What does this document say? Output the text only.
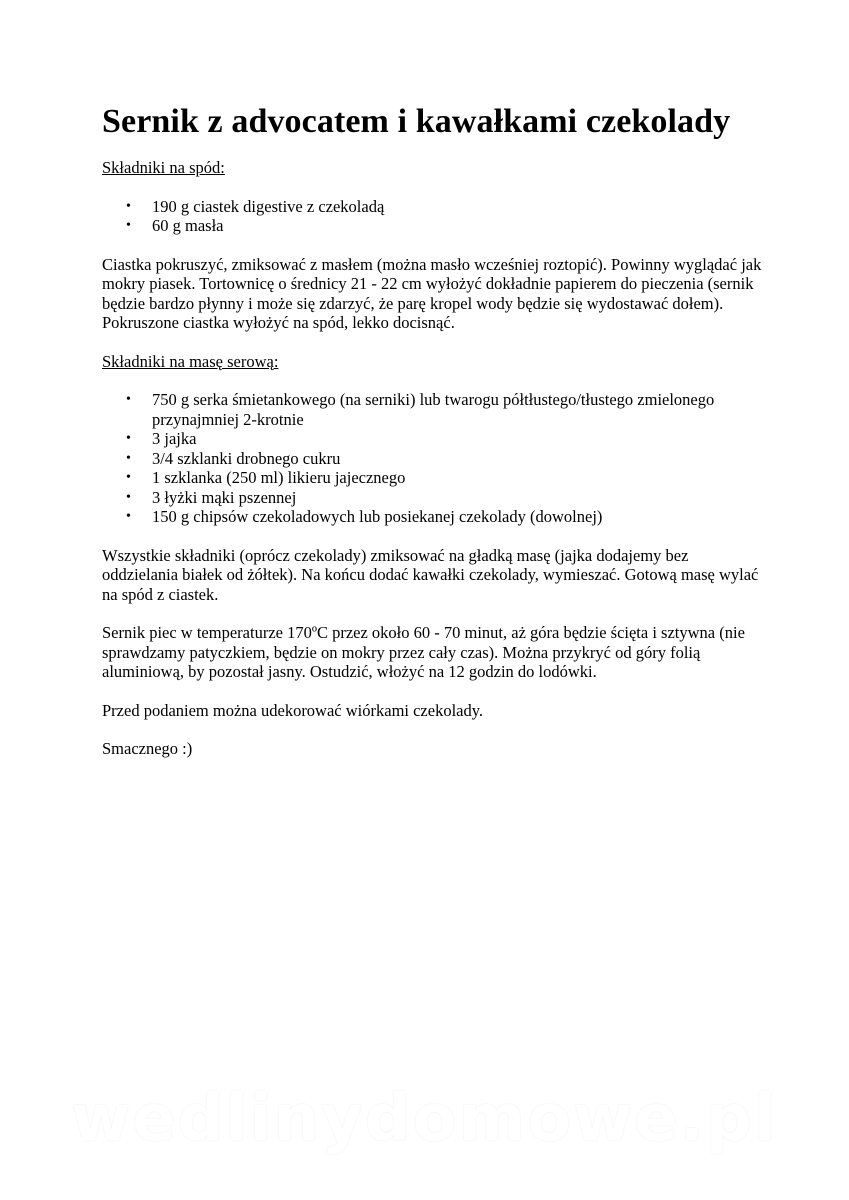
Sernik z advocatem i kawałkami czekolady
Składniki na spód:
• 190 g ciastek digestive z czekoladą
• 60 g masła

Ciastka pokruszyć, zmiksować z masłem (można masło wcześniej roztopić). Powinny wyglądać jak mokry piasek. Tortownicę o średnicy 21 - 22 cm wyłożyć dokładnie papierem do pieczenia (sernik będzie bardzo płynny i może się zdarzyć, że parę kropel wody będzie się wydostawać dołem). Pokruszone ciastka wyłożyć na spód, lekko docisnąć.

Składniki na masę serową:
• 750 g serka śmietankowego (na serniki) lub twarogu półtłustego/tłustego zmielonego przynajmniej 2-krotnie
• 3 jajka
• 3/4 szklanki drobnego cukru
• 1 szklanka (250 ml) likieru jajecznego
• 3 łyżki mąki pszennej
• 150 g chipsów czekoladowych lub posiekanej czekolady (dowolnej)

Wszystkie składniki (oprócz czekolady) zmiksować na gładką masę (jajka dodajemy bez oddzielania białek od żółtek). Na końcu dodać kawałki czekolady, wymieszać. Gotową masę wylać na spód z ciastek.

Sernik piec w temperaturze 170ºC przez około 60 - 70 minut, aż góra będzie ścięta i sztywna (nie sprawdzamy patyczkiem, będzie on mokry przez cały czas). Można przykryć od góry folią aluminiową, by pozostał jasny. Ostudzić, włożyć na 12 godzin do lodówki.

Przed podaniem można udekorować wiórkami czekolady.

Smacznego :)

wedlinydomowe.pl
